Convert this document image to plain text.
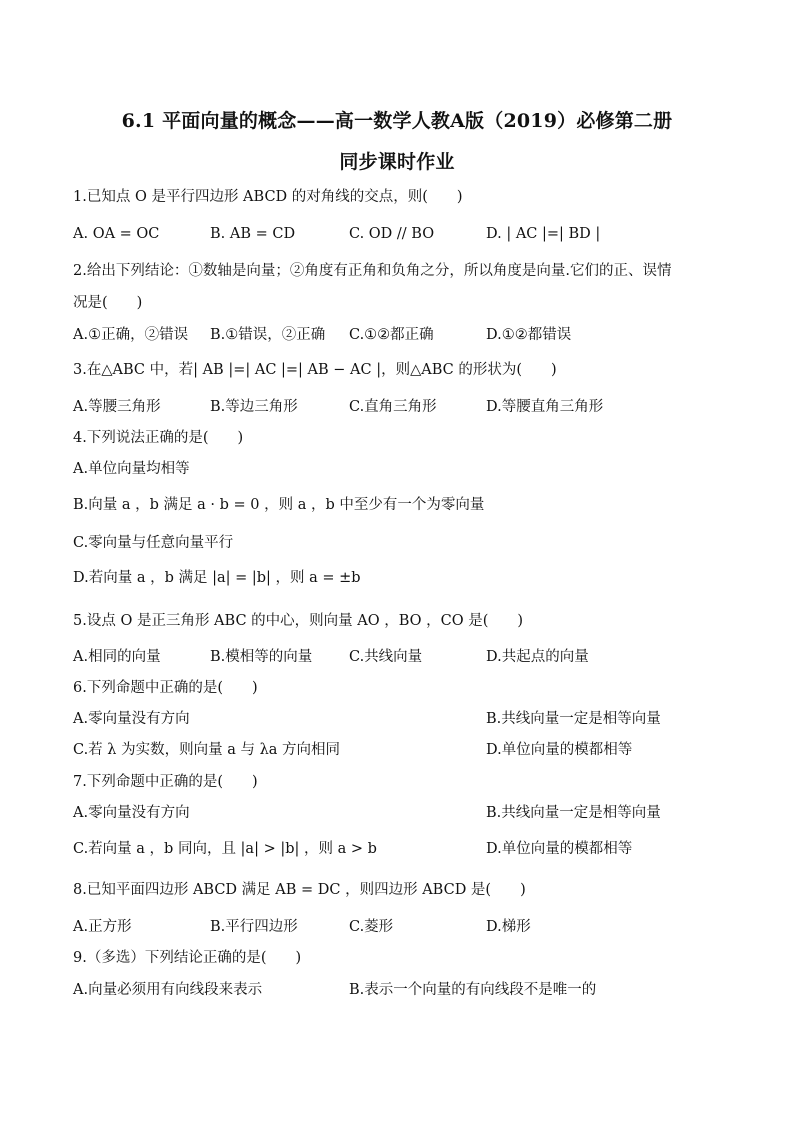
6.1 平面向量的概念——高一数学人教A版（2019）必修第二册
同步课时作业
1.已知点 O 是平行四边形 ABCD 的对角线的交点，则(　　)
A. OA = OC	B. AB = CD	C. OD // BO	D. | AC |=| BD |
2.给出下列结论：①数轴是向量；②角度有正角和负角之分，所以角度是向量.它们的正、误情
况是(　　)
A.①正确，②错误 B.①错误，②正确 C.①②都正确	D.①②都错误
3.在△ABC 中，若| AB |=| AC |=| AB − AC |，则△ABC 的形状为(　　)
A.等腰三角形	B.等边三角形	C.直角三角形	D.等腰直角三角形
4.下列说法正确的是(　　)
A.单位向量均相等
B.向量 a ，b 满足 a · b = 0 ，则 a ，b 中至少有一个为零向量
C.零向量与任意向量平行
D.若向量 a ，b 满足 |a| = |b| ，则 a = ±b
5.设点 O 是正三角形 ABC 的中心，则向量 AO ，BO ，CO 是(　　)
A.相同的向量	B.模相等的向量	C.共线向量	D.共起点的向量
6.下列命题中正确的是(　　)
A.零向量没有方向	B.共线向量一定是相等向量
C.若 λ 为实数，则向量 a 与 λa 方向相同	D.单位向量的模都相等
7.下列命题中正确的是(　　)
A.零向量没有方向	B.共线向量一定是相等向量
C.若向量 a ，b 同向，且 |a| > |b| ，则 a > b	D.单位向量的模都相等
8.已知平面四边形 ABCD 满足 AB = DC ，则四边形 ABCD 是(　　)
A.正方形	B.平行四边形	C.菱形	D.梯形
9.（多选）下列结论正确的是(　　)
A.向量必须用有向线段来表示	B.表示一个向量的有向线段不是唯一的
